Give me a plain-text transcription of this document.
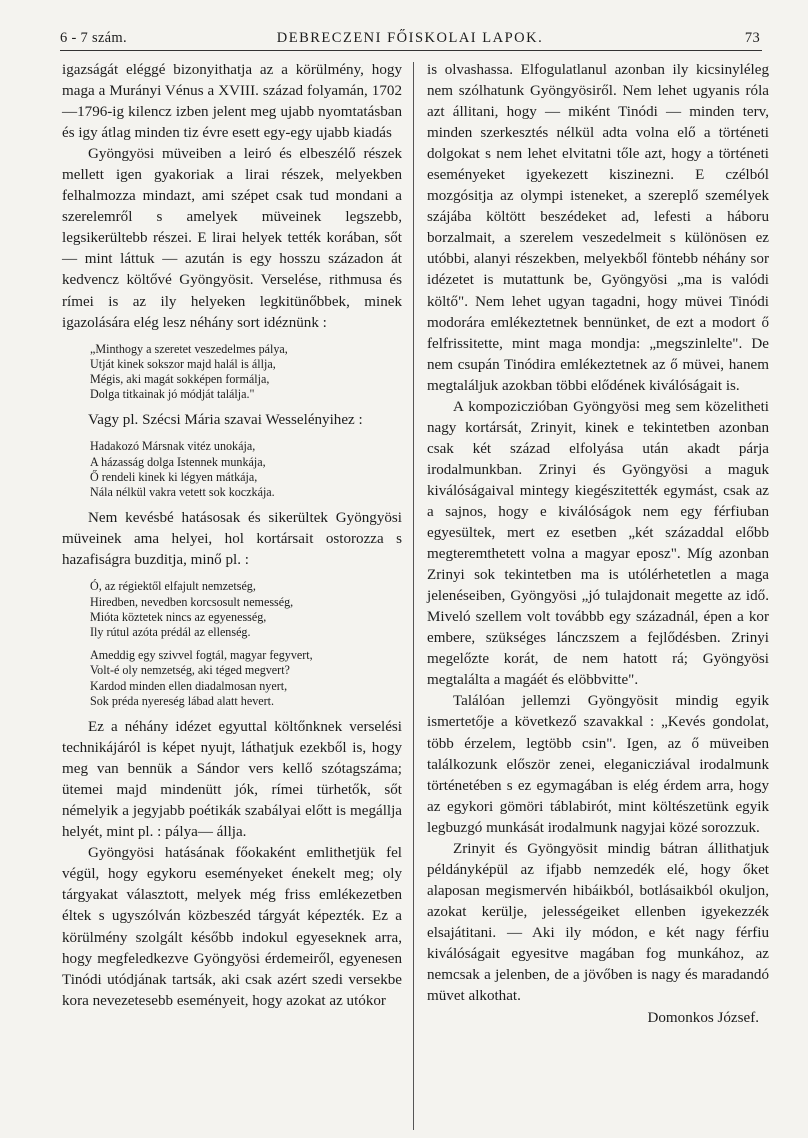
6 - 7 szám.	DEBRECZENI FŐISKOLAI LAPOK.	73

igazságát eléggé bizonyithatja az a körülmény, hogy maga a Murányi Vénus a XVIII. század folyamán, 1702—1796-ig kilencz izben jelent meg ujabb nyomtatásban és igy átlag minden tiz évre esett egy-egy ujabb kiadás

Gyöngyösi müveiben a leiró és elbeszélő részek mellett igen gyakoriak a lirai részek, melyekben felhalmozza mindazt, ami szépet csak tud mondani a szerelemről s amelyek müveinek legszebb, legsikerültebb részei. E lirai helyek tették korában, sőt — mint láttuk — azután is egy hosszu századon át kedvencz költővé Gyöngyösit. Verselése, rithmusa és rímei is az ily helyeken legkitünőbbek, minek igazolására elég lesz néhány sort idéznünk :

„Minthogy a szeretet veszedelmes pálya,
Utját kinek sokszor majd halál is állja,
Mégis, aki magát sokképen formálja,
Dolga titkainak jó módját találja."

Vagy pl. Szécsi Mária szavai Wesselényihez :

Hadakozó Mársnak vitéz unokája,
A házasság dolga Istennek munkája,
Ő rendeli kinek ki légyen mátkája,
Nála nélkül vakra vetett sok koczkája.

Nem kevésbé hatásosak és sikerültek Gyöngyösi müveinek ama helyei, hol kortársait ostorozza s hazafiságra buzditja, minő pl. :

Ó, az régiektől elfajult nemzetség,
Hiredben, nevedben korcsosult nemesség,
Mióta köztetek nincs az egyenesség,
Ily rútul azóta prédál az ellenség.
Ameddig egy szivvel fogtál, magyar fegyvert,
Volt-é oly nemzetség, aki téged megvert?
Kardod minden ellen diadalmosan nyert,
Sok préda nyereség lábad alatt hevert.

Ez a néhány idézet egyuttal költőnknek verselési technikájáról is képet nyujt, láthatjuk ezekből is, hogy meg van bennük a Sándor vers kellő szótagszáma; ütemei majd mindenütt jók, rímei türhetők, sőt némelyik a jegyjabb poétikák szabályai előtt is megállja helyét, mint pl. : pálya— állja.

Gyöngyösi hatásának főokaként emlithetjük fel végül, hogy egykoru eseményeket énekelt meg; oly tárgyakat választott, melyek még friss emlékezetben éltek s ugyszólván közbeszéd tárgyát képezték. Ez a körülmény szolgált később indokul egyeseknek arra, hogy megfeledkezve Gyöngyösi érdemeiről, egyenesen Tinódi utódjának tartsák, aki csak azért szedi versekbe kora nevezetesebb eseményeit, hogy azokat az utókor

is olvashassa. Elfogulatlanul azonban ily kicsinyléleg nem szólhatunk Gyöngyösiről. Nem lehet ugyanis róla azt állitani, hogy — miként Tinódi — minden terv, minden szerkesztés nélkül adta volna elő a történeti dolgokat s nem lehet elvitatni tőle azt, hogy a történeti eseményeket igyekezett kiszinezni. E czélból mozgósitja az olympi isteneket, a szereplő személyek szájába költött beszédeket ad, lefesti a háboru borzalmait, a szerelem veszedelmeit s különösen ez utóbbi, alanyi részekben, melyekből föntebb néhány sor idézetet is mutattunk be, Gyöngyösi „ma is valódi költő". Nem lehet ugyan tagadni, hogy müvei Tinódi modorára emlékeztetnek bennünket, de ezt a modort ő felfrissitette, mint maga mondja: „megszinlelte". De nem csupán Tinódira emlékeztetnek az ő müvei, hanem megtaláljuk azokban többi elődének kiválóságait is.

A kompoziczióban Gyöngyösi meg sem közelitheti nagy kortársát, Zrinyit, kinek e tekintetben azonban csak két század elfolyása után akadt párja irodalmunkban. Zrinyi és Gyöngyösi a maguk kiválóságaival mintegy kiegészitették egymást, csak az a sajnos, hogy e kiválóságok nem egy férfiuban egyesültek, mert ez esetben „két századdal előbb megteremthetett volna a magyar eposz". Míg azonban Zrinyi sok tekintetben ma is utólérhetetlen a maga jelenéseiben, Gyöngyösi „jó tulajdonait megette az idő. Miveló szellem volt továbbb egy századnál, épen a kor embere, szükséges lánczszem a fejlődésben. Zrinyi megelőzte korát, de nem hatott rá; Gyöngyösi megtalálta a magáét és elöbbvitte".

Találóan jellemzi Gyöngyösit mindig egyik ismertetője a következő szavakkal : „Kevés gondolat, több érzelem, legtöbb csin". Igen, az ő müveiben találkozunk először zenei, eleganicziával irodalmunk történetében s ez egymagában is elég érdem arra, hogy az egykori gömöri táblabirót, mint költészetünk egyik legbuzgó munkását irodalmunk nagyjai közé sorozzuk.

Zrinyit és Gyöngyösit mindig bátran állithatjuk példányképül az ifjabb nemzedék elé, hogy őket alaposan megismervén hibáikból, botlásaikból okuljon, azokat kerülje, jelességeiket ellenben igyekezzék elsajátitani. — Aki ily módon, e két nagy férfiu kiválóságait egyesitve magában fog munkához, az nemcsak a jelenben, de a jövőben is nagy és maradandó müvet alkothat.

Domonkos József.
